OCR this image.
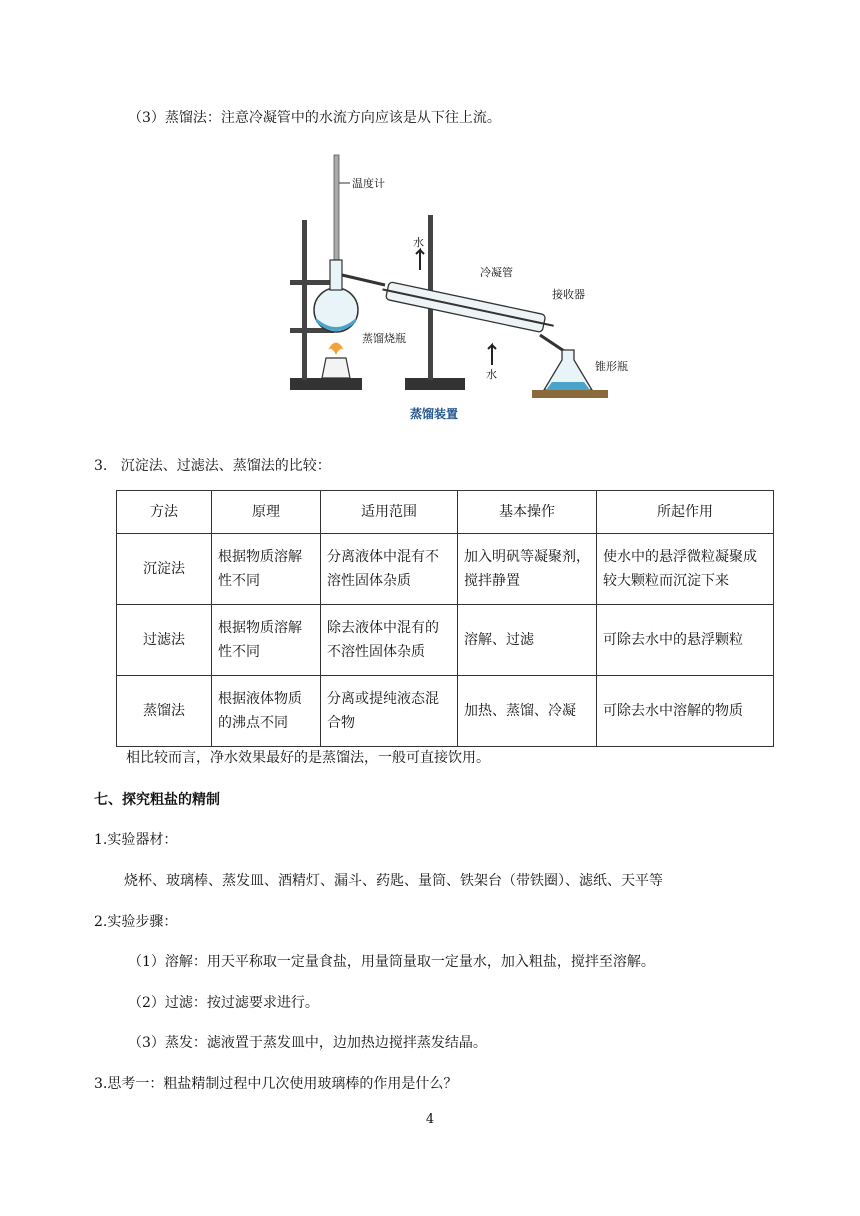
（3）蒸馏法：注意冷凝管中的水流方向应该是从下往上流。
温度计
水
冷凝管
接收器
蒸馏烧瓶
水
锥形瓶
蒸馏装置
3.   沉淀法、过滤法、蒸馏法的比较：
方法	原理	适用范围	基本操作	所起作用
沉淀法	根据物质溶解性不同	分离液体中混有不溶性固体杂质	加入明矾等凝聚剂，搅拌静置	使水中的悬浮微粒凝聚成较大颗粒而沉淀下来
过滤法	根据物质溶解性不同	除去液体中混有的不溶性固体杂质	溶解、过滤	可除去水中的悬浮颗粒
蒸馏法	根据液体物质的沸点不同	分离或提纯液态混合物	加热、蒸馏、冷凝	可除去水中溶解的物质
相比较而言，净水效果最好的是蒸馏法，一般可直接饮用。
七、探究粗盐的精制
1.实验器材：
烧杯、玻璃棒、蒸发皿、酒精灯、漏斗、药匙、量筒、铁架台（带铁圈）、滤纸、天平等
2.实验步骤：
（1）溶解：用天平称取一定量食盐，用量筒量取一定量水，加入粗盐，搅拌至溶解。
（2）过滤：按过滤要求进行。
（3）蒸发：滤液置于蒸发皿中，边加热边搅拌蒸发结晶。
3.思考一：粗盐精制过程中几次使用玻璃棒的作用是什么？
4
